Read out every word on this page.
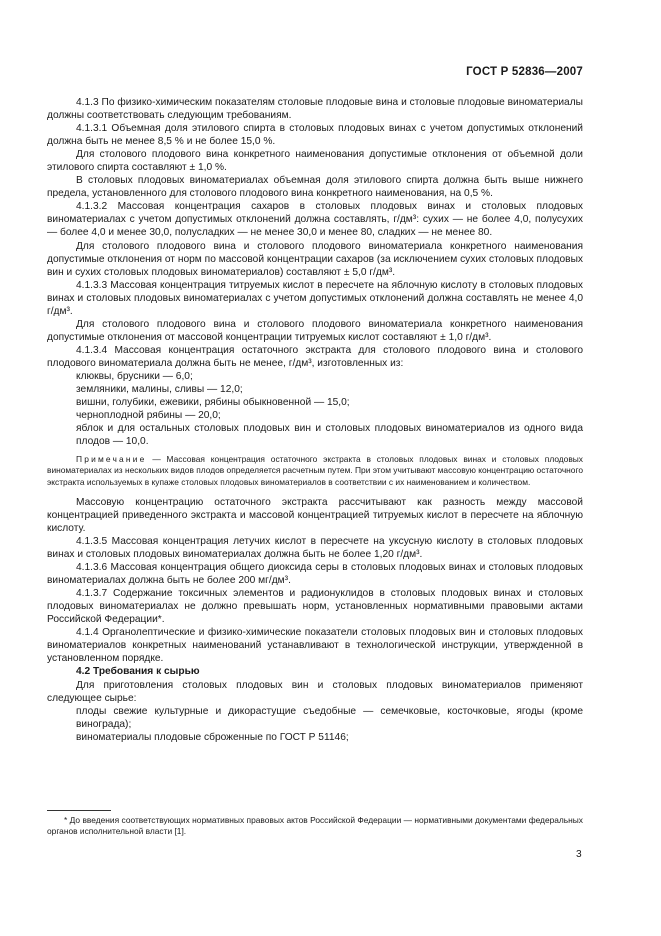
ГОСТ Р 52836—2007

4.1.3 По физико-химическим показателям столовые плодовые вина и столовые плодовые виноматериалы должны соответствовать следующим требованиям.

4.1.3.1 Объемная доля этилового спирта в столовых плодовых винах с учетом допустимых отклонений должна быть не менее 8,5 % и не более 15,0 %.

Для столового плодового вина конкретного наименования допустимые отклонения от объемной доли этилового спирта составляют ± 1,0 %.

В столовых плодовых виноматериалах объемная доля этилового спирта должна быть выше нижнего предела, установленного для столового плодового вина конкретного наименования, на 0,5 %.

4.1.3.2 Массовая концентрация сахаров в столовых плодовых винах и столовых плодовых виноматериалах с учетом допустимых отклонений должна составлять, г/дм³: сухих — не более 4,0, полусухих — более 4,0 и менее 30,0, полусладких — не менее 30,0 и менее 80, сладких — не менее 80.

Для столового плодового вина и столового плодового виноматериала конкретного наименования допустимые отклонения от норм по массовой концентрации сахаров (за исключением сухих столовых плодовых вин и сухих столовых плодовых виноматериалов) составляют ± 5,0 г/дм³.

4.1.3.3 Массовая концентрация титруемых кислот в пересчете на яблочную кислоту в столовых плодовых винах и столовых плодовых виноматериалах с учетом допустимых отклонений должна составлять не менее 4,0 г/дм³.

Для столового плодового вина и столового плодового виноматериала конкретного наименования допустимые отклонения от массовой концентрации титруемых кислот составляют ± 1,0 г/дм³.

4.1.3.4 Массовая концентрация остаточного экстракта для столового плодового вина и столового плодового виноматериала должна быть не менее, г/дм³, изготовленных из:

клюквы, брусники — 6,0;

земляники, малины, сливы — 12,0;

вишни, голубики, ежевики, рябины обыкновенной — 15,0;

черноплодной рябины — 20,0;

яблок и для остальных столовых плодовых вин и столовых плодовых виноматериалов из одного вида плодов — 10,0.

Примечание — Массовая концентрация остаточного экстракта в столовых плодовых винах и столовых плодовых виноматериалах из нескольких видов плодов определяется расчетным путем. При этом учитывают массовую концентрацию остаточного экстракта используемых в купаже столовых плодовых виноматериалов в соответствии с их наименованием и количеством.

Массовую концентрацию остаточного экстракта рассчитывают как разность между массовой концентрацией приведенного экстракта и массовой концентрацией титруемых кислот в пересчете на яблочную кислоту.

4.1.3.5 Массовая концентрация летучих кислот в пересчете на уксусную кислоту в столовых плодовых винах и столовых плодовых виноматериалах должна быть не более 1,20 г/дм³.

4.1.3.6 Массовая концентрация общего диоксида серы в столовых плодовых винах и столовых плодовых виноматериалах должна быть не более 200 мг/дм³.

4.1.3.7 Содержание токсичных элементов и радионуклидов в столовых плодовых винах и столовых плодовых виноматериалах не должно превышать норм, установленных нормативными правовыми актами Российской Федерации*.

4.1.4 Органолептические и физико-химические показатели столовых плодовых вин и столовых плодовых виноматериалов конкретных наименований устанавливают в технологической инструкции, утвержденной в установленном порядке.

4.2 Требования к сырью

Для приготовления столовых плодовых вин и столовых плодовых виноматериалов применяют следующее сырье:

плоды свежие культурные и дикорастущие съедобные — семечковые, косточковые, ягоды (кроме винограда);

виноматериалы плодовые сброженные по ГОСТ Р 51146;

* До введения соответствующих нормативных правовых актов Российской Федерации — нормативными документами федеральных органов исполнительной власти [1].
3
